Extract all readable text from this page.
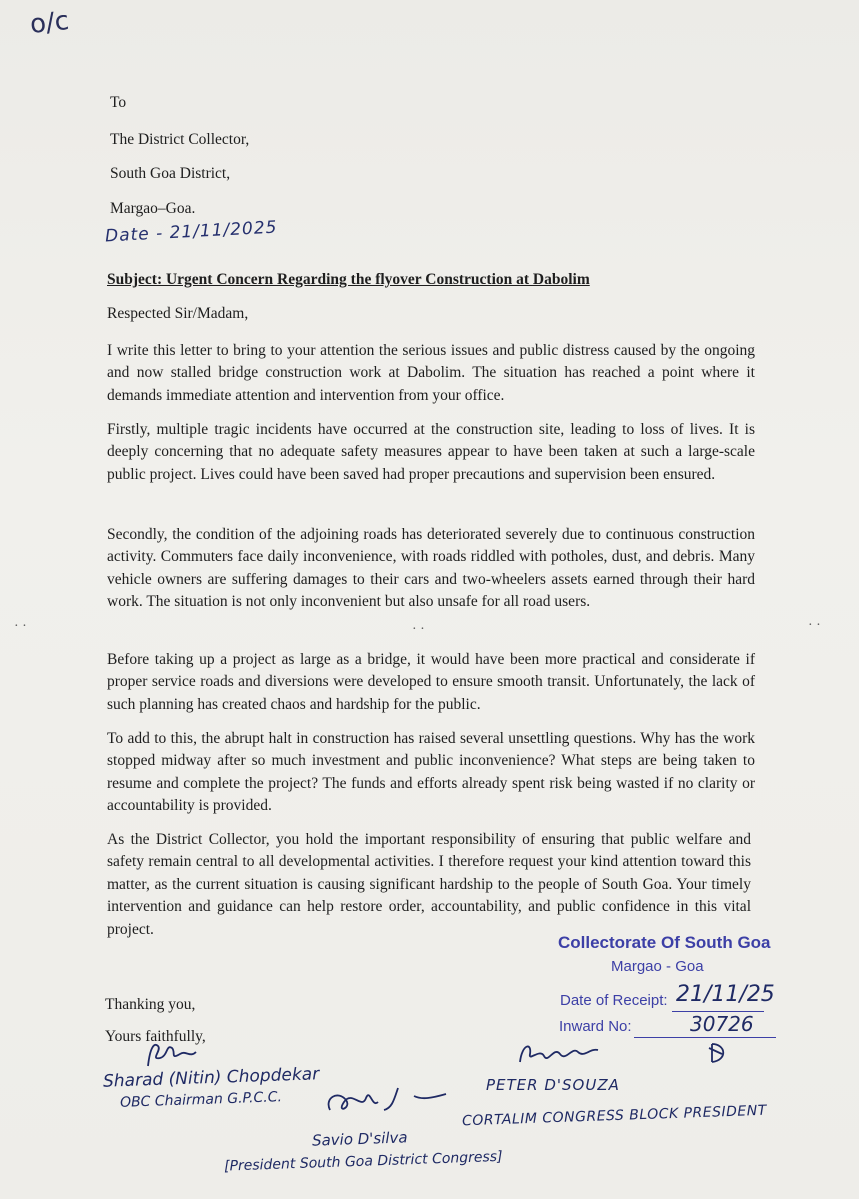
o/c
To
The District Collector,
South Goa District,
Margao–Goa.
Date - 21/11/2025
Subject: Urgent Concern Regarding the flyover Construction at Dabolim
Respected Sir/Madam,

I write this letter to bring to your attention the serious issues and public distress caused by the ongoing and now stalled bridge construction work at Dabolim. The situation has reached a point where it demands immediate attention and intervention from your office.

Firstly, multiple tragic incidents have occurred at the construction site, leading to loss of lives. It is deeply concerning that no adequate safety measures appear to have been taken at such a large-scale public project. Lives could have been saved had proper precautions and supervision been ensured.

Secondly, the condition of the adjoining roads has deteriorated severely due to continuous construction activity. Commuters face daily inconvenience, with roads riddled with potholes, dust, and debris. Many vehicle owners are suffering damages to their cars and two-wheelers assets earned through their hard work. The situation is not only inconvenient but also unsafe for all road users.

Before taking up a project as large as a bridge, it would have been more practical and considerate if proper service roads and diversions were developed to ensure smooth transit. Unfortunately, the lack of such planning has created chaos and hardship for the public.

To add to this, the abrupt halt in construction has raised several unsettling questions. Why has the work stopped midway after so much investment and public inconvenience? What steps are being taken to resume and complete the project? The funds and efforts already spent risk being wasted if no clarity or accountability is provided.

As the District Collector, you hold the important responsibility of ensuring that public welfare and safety remain central to all developmental activities. I therefore request your kind attention toward this matter, as the current situation is causing significant hardship to the people of South Goa. Your timely intervention and guidance can help restore order, accountability, and public confidence in this vital project.

· ·	· ·	· ·
Collectorate Of South Goa
Margao - Goa
Date of Receipt: 21/11/25
Inward No:	30726
Thanking you,
Yours faithfully,
Sharad (Nitin) Chopdekar
OBC Chairman G.P.C.C.
PETER D'SOUZA
CORTALIM CONGRESS BLOCK PRESIDENT
Savio D'silva
[President South Goa District Congress]
